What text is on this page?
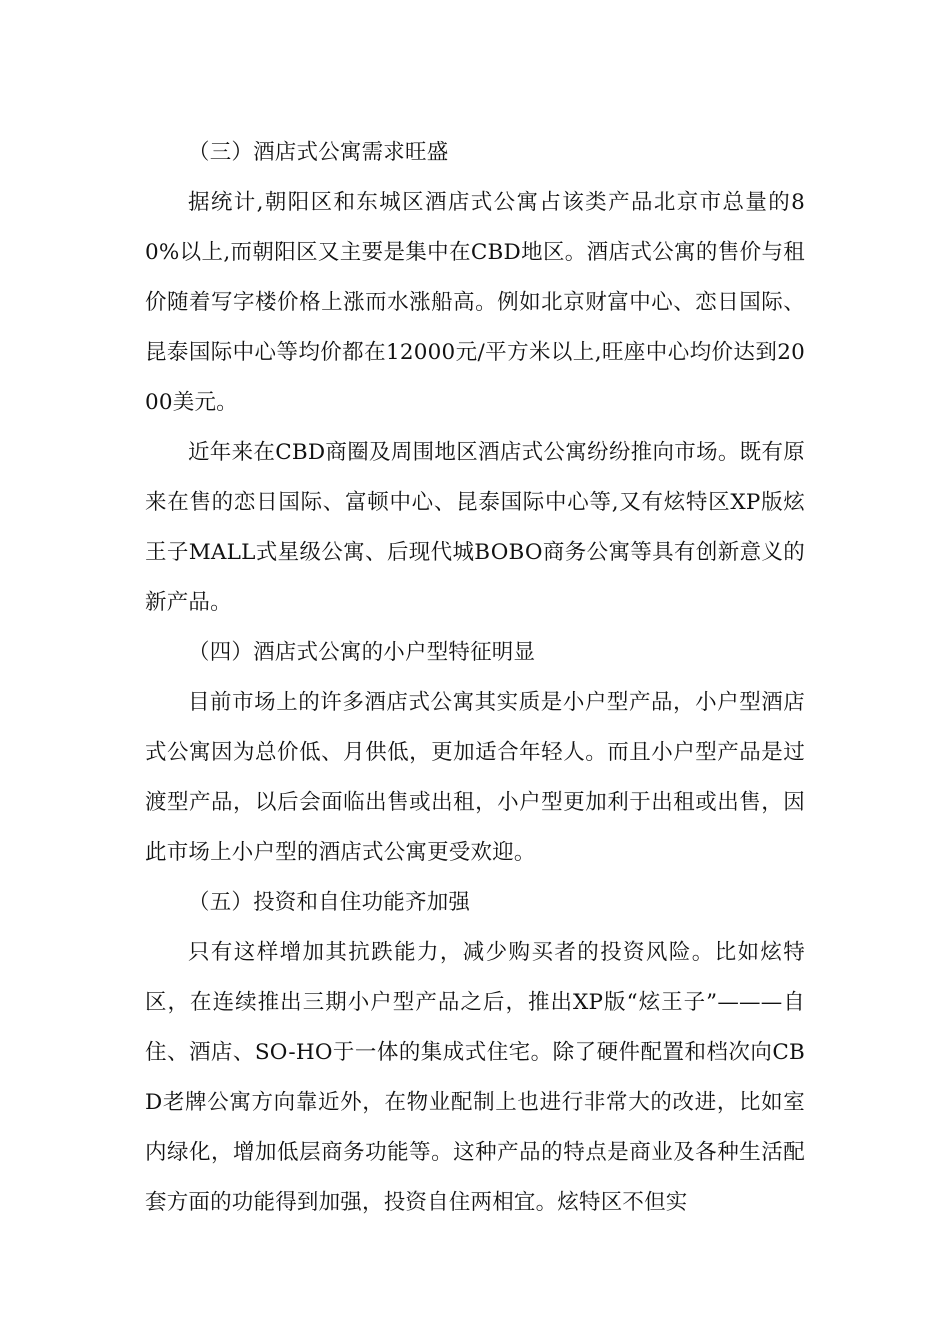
（三）酒店式公寓需求旺盛

据统计,朝阳区和东城区酒店式公寓占该类产品北京市总量的80%以上,而朝阳区又主要是集中在CBD地区。酒店式公寓的售价与租价随着写字楼价格上涨而水涨船高。例如北京财富中心、恋日国际、昆泰国际中心等均价都在12000元/平方米以上,旺座中心均价达到2000美元。

近年来在CBD商圈及周围地区酒店式公寓纷纷推向市场。既有原来在售的恋日国际、富顿中心、昆泰国际中心等,又有炫特区XP版炫王子MALL式星级公寓、后现代城BOBO商务公寓等具有创新意义的新产品。

（四）酒店式公寓的小户型特征明显

目前市场上的许多酒店式公寓其实质是小户型产品，小户型酒店式公寓因为总价低、月供低，更加适合年轻人。而且小户型产品是过渡型产品，以后会面临出售或出租，小户型更加利于出租或出售，因此市场上小户型的酒店式公寓更受欢迎。

（五）投资和自住功能齐加强

只有这样增加其抗跌能力，减少购买者的投资风险。比如炫特区，在连续推出三期小户型产品之后，推出XP版“炫王子”———自住、酒店、SO-HO于一体的集成式住宅。除了硬件配置和档次向CBD老牌公寓方向靠近外，在物业配制上也进行非常大的改进，比如室内绿化，增加低层商务功能等。这种产品的特点是商业及各种生活配套方面的功能得到加强，投资自住两相宜。炫特区不但实
